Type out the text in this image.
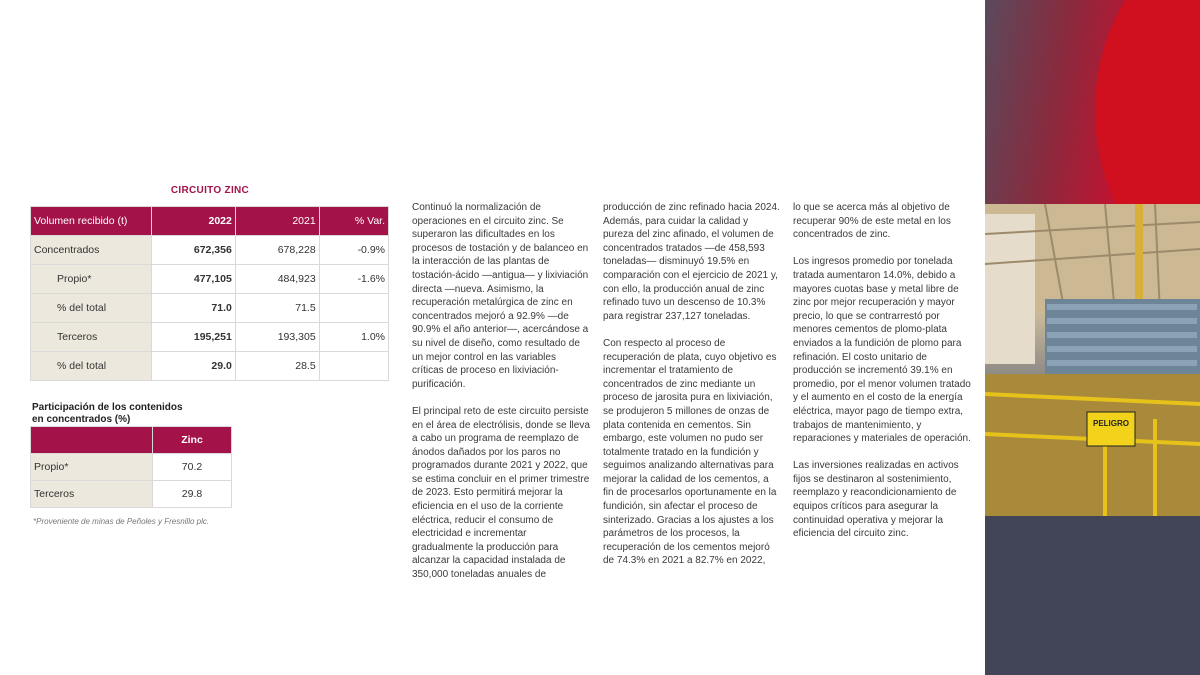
CIRCUITO ZINC
Volumen recibido (t)	2022	2021	% Var.
Concentrados	672,356	678,228	-0.9%
Propio*	477,105	484,923	-1.6%
% del total	71.0	71.5	
Terceros	195,251	193,305	1.0%
% del total	29.0	28.5	
Participación de los contenidos
en concentrados (%)
	Zinc
Propio*	70.2
Terceros	29.8
*Proveniente de minas de Peñoles y Fresnillo plc.

Continuó la normalización de operaciones en el circuito zinc. Se superaron las dificultades en los procesos de tostación y de balanceo en la interacción de las plantas de tostación-ácido —antigua— y lixiviación directa —nueva. Asimismo, la recuperación metalúrgica de zinc en concentrados mejoró a 92.9% —de 90.9% el año anterior—, acercándose a su nivel de diseño, como resultado de un mejor control en las variables críticas de proceso en lixiviación-purificación.

El principal reto de este circuito persiste en el área de electrólisis, donde se lleva a cabo un programa de reemplazo de ánodos dañados por los paros no programados durante 2021 y 2022, que se estima concluir en el primer trimestre de 2023. Esto permitirá mejorar la eficiencia en el uso de la corriente eléctrica, reducir el consumo de electricidad e incrementar gradualmente la producción para alcanzar la capacidad instalada de 350,000 toneladas anuales de

producción de zinc refinado hacia 2024. Además, para cuidar la calidad y pureza del zinc afinado, el volumen de concentrados tratados —de 458,593 toneladas— disminuyó 19.5% en comparación con el ejercicio de 2021 y, con ello, la producción anual de zinc refinado tuvo un descenso de 10.3% para registrar 237,127 toneladas.

Con respecto al proceso de recuperación de plata, cuyo objetivo es incrementar el tratamiento de concentrados de zinc mediante un proceso de jarosita pura en lixiviación, se produjeron 5 millones de onzas de plata contenida en cementos. Sin embargo, este volumen no pudo ser totalmente tratado en la fundición y seguimos analizando alternativas para mejorar la calidad de los cementos, a fin de procesarlos oportunamente en la fundición, sin afectar el proceso de sinterizado. Gracias a los ajustes a los parámetros de los procesos, la recuperación de los cementos mejoró de 74.3% en 2021 a 82.7% en 2022,

lo que se acerca más al objetivo de recuperar 90% de este metal en los concentrados de zinc.

Los ingresos promedio por tonelada tratada aumentaron 14.0%, debido a mayores cuotas base y metal libre de zinc por mejor recuperación y mayor precio, lo que se contrarrestó por menores cementos de plomo-plata enviados a la fundición de plomo para refinación. El costo unitario de producción se incrementó 39.1% en promedio, por el menor volumen tratado y el aumento en el costo de la energía eléctrica, mayor pago de tiempo extra, trabajos de mantenimiento, y reparaciones y materiales de operación.

Las inversiones realizadas en activos fijos se destinaron al sostenimiento, reemplazo y reacondicionamiento de equipos críticos para asegurar la continuidad operativa y mejorar la eficiencia del circuito zinc.

PELIGRO
